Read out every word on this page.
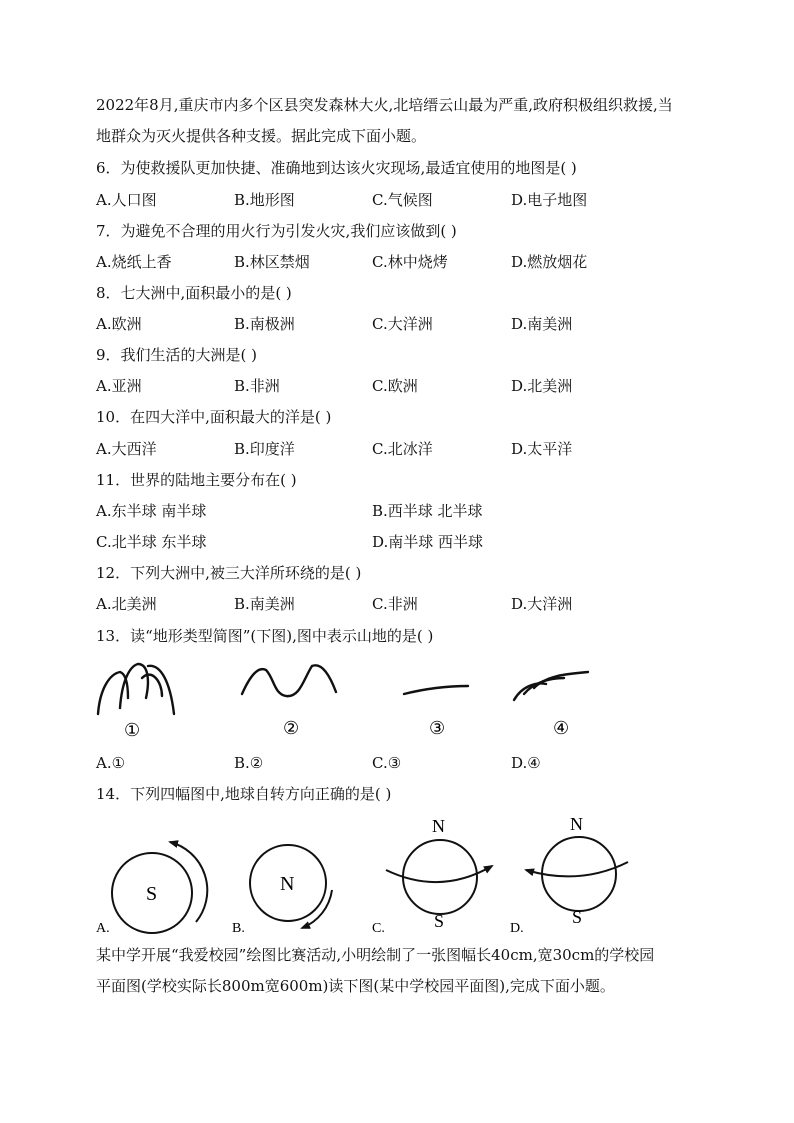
2022年8月,重庆市内多个区县突发森林大火,北培缙云山最为严重,政府积极组织救援,当
地群众为灭火提供各种支援。据此完成下面小题。
6．为使救援队更加快捷、准确地到达该火灾现场,最适宜使用的地图是( )
A.人口图	B.地形图	C.气候图	D.电子地图
7．为避免不合理的用火行为引发火灾,我们应该做到( )
A.烧纸上香	B.林区禁烟	C.林中烧烤	D.燃放烟花
8．七大洲中,面积最小的是( )
A.欧洲	B.南极洲	C.大洋洲	D.南美洲
9．我们生活的大洲是( )
A.亚洲	B.非洲	C.欧洲	D.北美洲
10．在四大洋中,面积最大的洋是( )
A.大西洋	B.印度洋	C.北冰洋	D.太平洋
11．世界的陆地主要分布在( )
A.东半球 南半球	B.西半球 北半球
C.北半球 东半球	D.南半球 西半球
12．下列大洲中,被三大洋所环绕的是( )
A.北美洲	B.南美洲	C.非洲	D.大洋洲
13．读“地形类型简图”(下图),图中表示山地的是( )
①	②	③	④
A.①	B.②	C.③	D.④
14．下列四幅图中,地球自转方向正确的是( )
S
A.
N
B.
N
S
C.
N
S
D.
某中学开展“我爱校园”绘图比赛活动,小明绘制了一张图幅长40cm,宽30cm的学校园
平面图(学校实际长800m宽600m)读下图(某中学校园平面图),完成下面小题。
